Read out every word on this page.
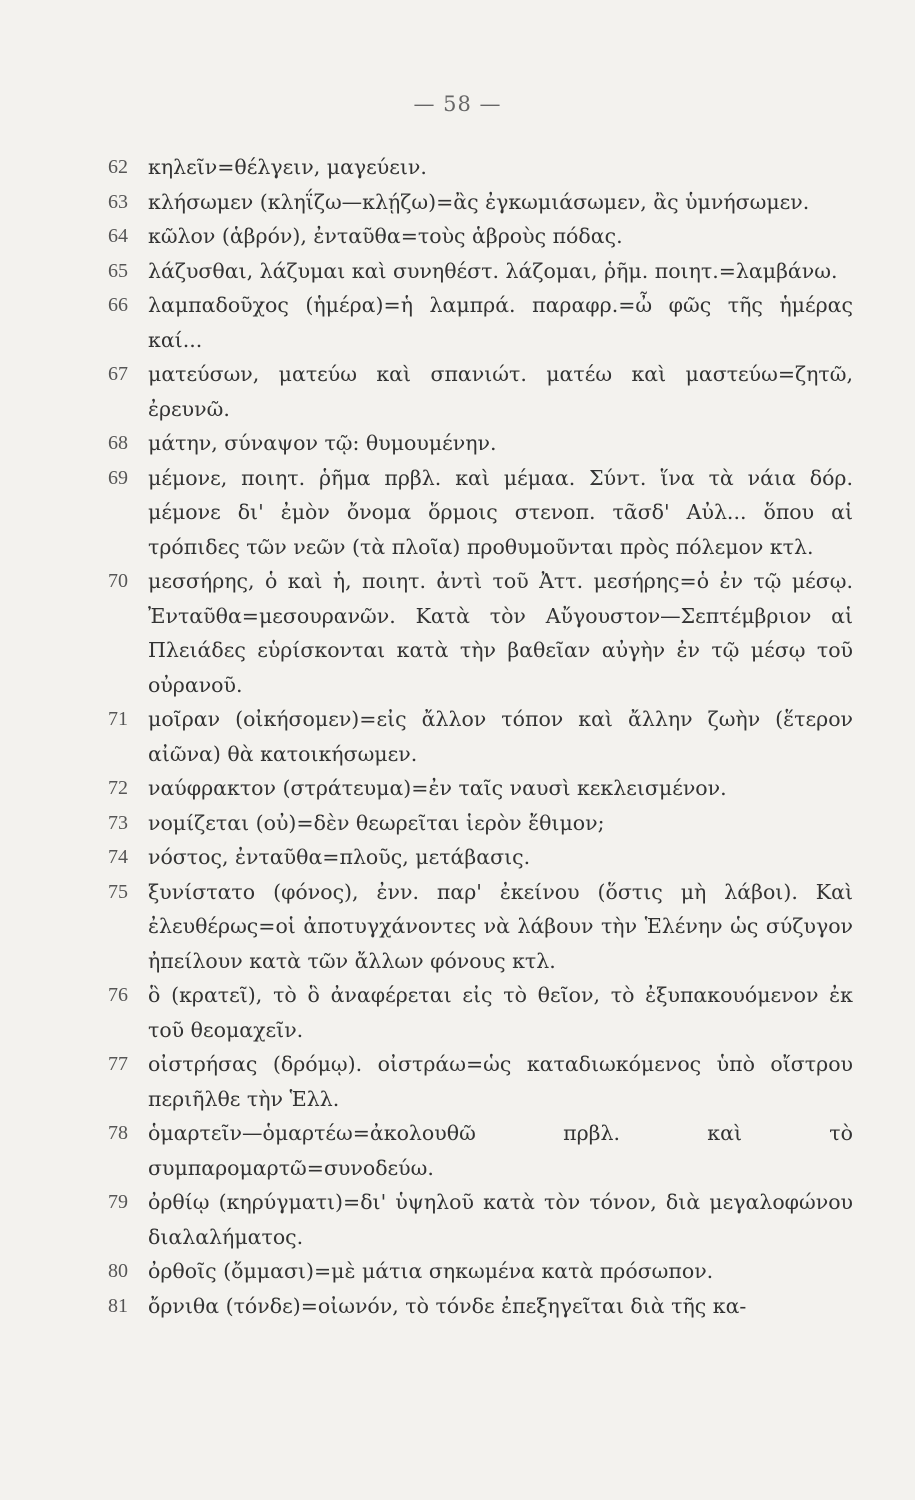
— 58 —

62 κηλεῖν=θέλγειν, μαγεύειν.

63 κλήσωμεν (κληΐζω—κλῄζω)=ἂς ἐγκωμιάσωμεν, ἂς ὑμνήσωμεν.

64 κῶλον (ἁβρόν), ἐνταῦθα=τοὺς ἁβροὺς πόδας.

65 λάζυσθαι, λάζυμαι καὶ συνηθέστ. λάζομαι, ῥῆμ. ποιητ.=λαμβάνω.

66 λαμπαδοῦχος (ἡμέρα)=ἡ λαμπρά. παραφρ.=ὦ φῶς τῆς ἡμέρας καί...

67 ματεύσων, ματεύω καὶ σπανιώτ. ματέω καὶ μαστεύω=ζητῶ, ἐρευνῶ.

68 μάτην, σύναψον τῷ: θυμουμένην.

69 μέμονε, ποιητ. ῥῆμα πρβλ. καὶ μέμαα. Σύντ. ἵνα τὰ νάια δόρ. μέμονε δι' ἐμὸν ὄνομα ὅρμοις στενοπ. τᾶσδ' Αὐλ... ὅπου αἱ τρόπιδες τῶν νεῶν (τὰ πλοῖα) προθυμοῦνται πρὸς πόλεμον κτλ.

70 μεσσήρης, ὁ καὶ ἡ, ποιητ. ἀντὶ τοῦ Ἀττ. μεσήρης=ὁ ἐν τῷ μέσῳ. Ἐνταῦθα=μεσουρανῶν. Κατὰ τὸν Αὔγουστον—Σεπτέμβριον αἱ Πλειάδες εὑρίσκονται κατὰ τὴν βαθεῖαν αὐγὴν ἐν τῷ μέσῳ τοῦ οὐρανοῦ.

71 μοῖραν (οἰκήσομεν)=εἰς ἄλλον τόπον καὶ ἄλλην ζωὴν (ἕτερον αἰῶνα) θὰ κατοικήσωμεν.

72 ναύφρακτον (στράτευμα)=ἐν ταῖς ναυσὶ κεκλεισμένον.

73 νομίζεται (οὐ)=δὲν θεωρεῖται ἱερὸν ἔθιμον;

74 νόστος, ἐνταῦθα=πλοῦς, μετάβασις.

75 ξυνίστατο (φόνος), ἐνν. παρ' ἐκείνου (ὅστις μὴ λάβοι). Καὶ ἐλευθέρως=οἱ ἀποτυγχάνοντες νὰ λάβουν τὴν Ἑλένην ὡς σύζυγον ἠπείλουν κατὰ τῶν ἄλλων φόνους κτλ.

76 ὃ (κρατεῖ), τὸ ὃ ἀναφέρεται εἰς τὸ θεῖον, τὸ ἐξυπακουόμενον ἐκ τοῦ θεομαχεῖν.

77 οἰστρήσας (δρόμῳ). οἰστράω=ὡς καταδιωκόμενος ὑπὸ οἴστρου περιῆλθε τὴν Ἑλλ.

78 ὁμαρτεῖν—ὁμαρτέω=ἀκολουθῶ πρβλ. καὶ τὸ συμπαρομαρτῶ=συνοδεύω.

79 ὀρθίῳ (κηρύγματι)=δι' ὑψηλοῦ κατὰ τὸν τόνον, διὰ μεγαλοφώνου διαλαλήματος.

80 ὀρθοῖς (ὄμμασι)=μὲ μάτια σηκωμένα κατὰ πρόσωπον.

81 ὄρνιθα (τόνδε)=οἰωνόν, τὸ τόνδε ἐπεξηγεῖται διὰ τῆς κα-
